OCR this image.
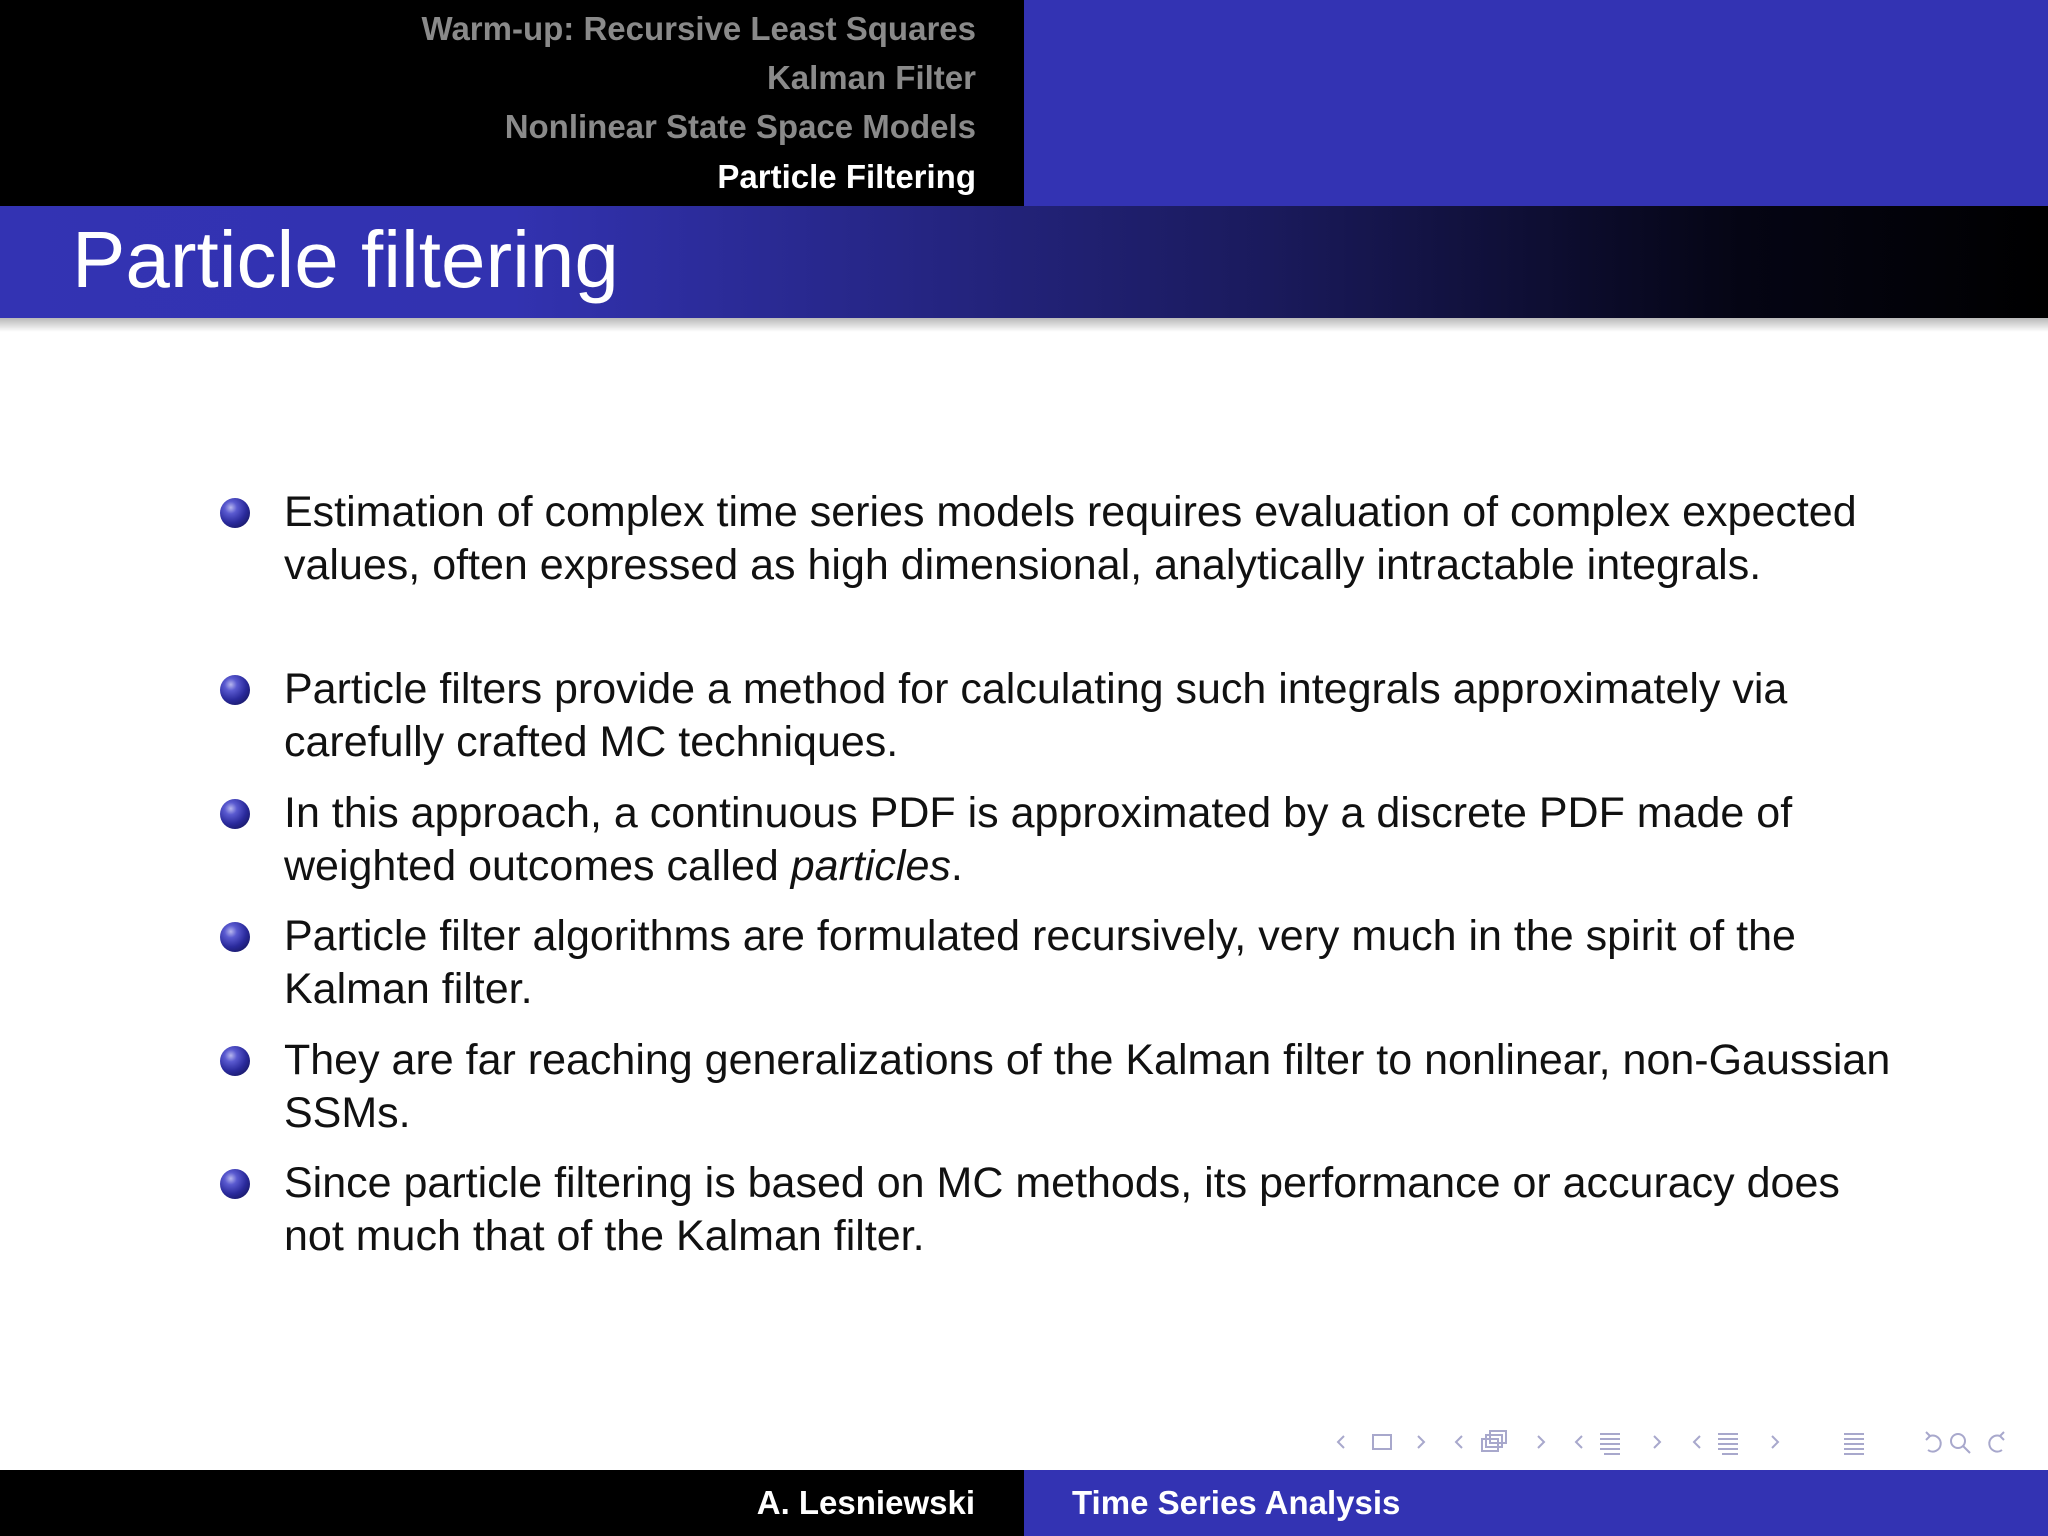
Warm-up: Recursive Least Squares
Kalman Filter
Nonlinear State Space Models
Particle Filtering
Particle filtering
Estimation of complex time series models requires evaluation of complex expected values, often expressed as high dimensional, analytically intractable integrals.
Particle filters provide a method for calculating such integrals approximately via carefully crafted MC techniques.
In this approach, a continuous PDF is approximated by a discrete PDF made of weighted outcomes called particles.
Particle filter algorithms are formulated recursively, very much in the spirit of the Kalman filter.
They are far reaching generalizations of the Kalman filter to nonlinear, non-Gaussian SSMs.
Since particle filtering is based on MC methods, its performance or accuracy does not much that of the Kalman filter.
A. Lesniewski	Time Series Analysis
